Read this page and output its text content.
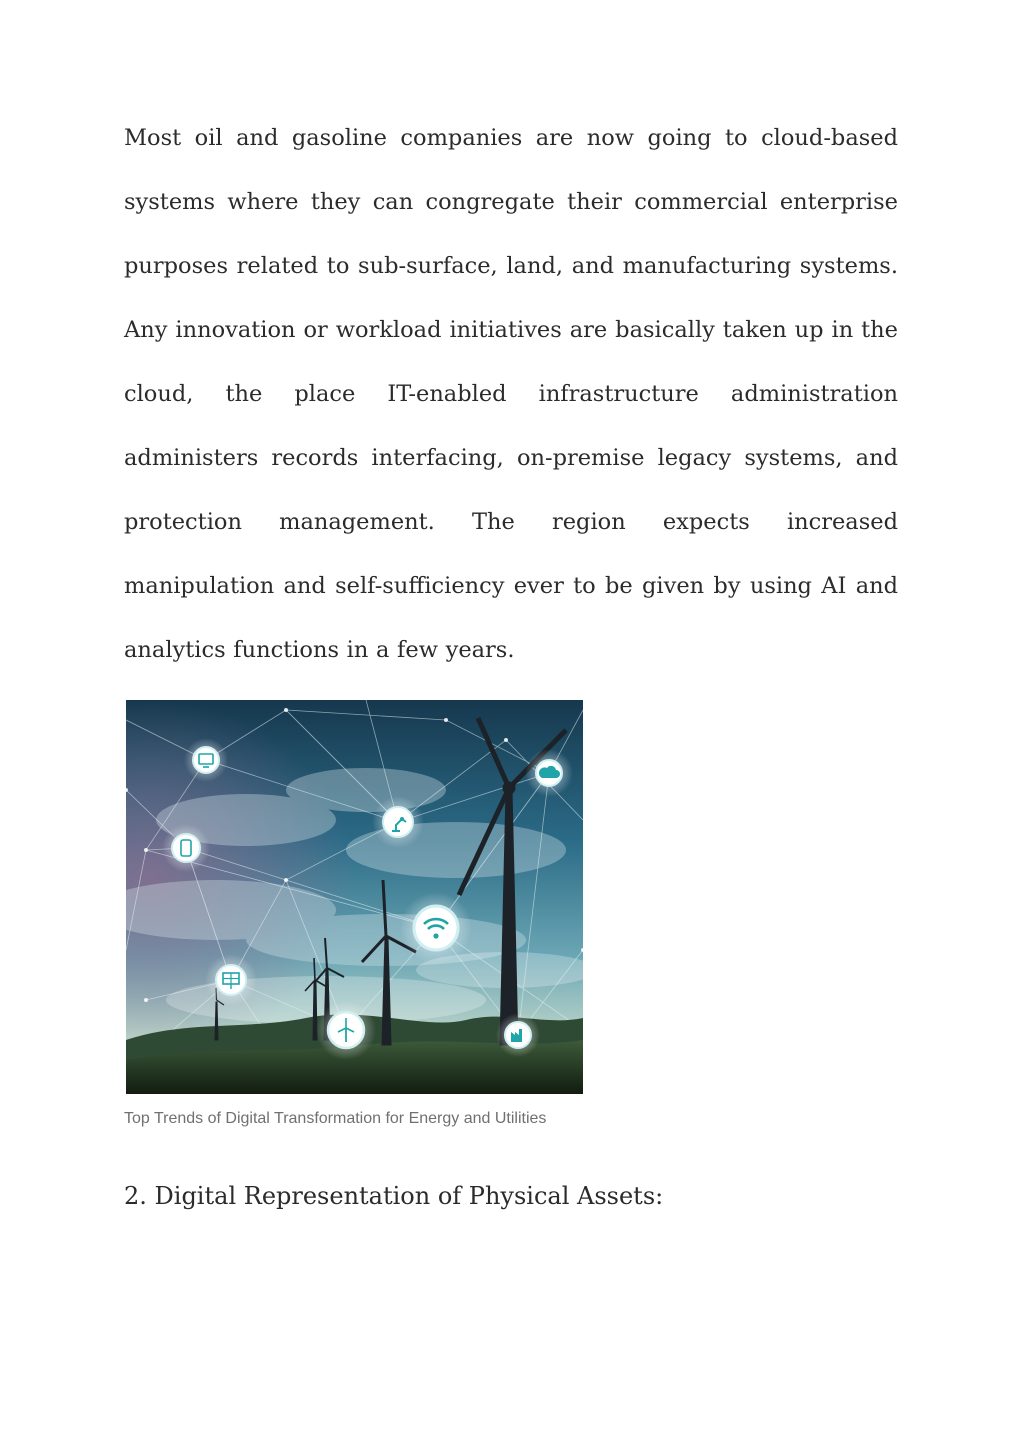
Most oil and gasoline companies are now going to cloud-based systems where they can congregate their commercial enterprise purposes related to sub-surface, land, and manufacturing systems. Any innovation or workload initiatives are basically taken up in the cloud, the place IT-enabled infrastructure administration administers records interfacing, on-premise legacy systems, and protection management. The region expects increased manipulation and self-sufficiency ever to be given by using AI and analytics functions in a few years.

Top Trends of Digital Transformation for Energy and Utilities

2. Digital Representation of Physical Assets:
